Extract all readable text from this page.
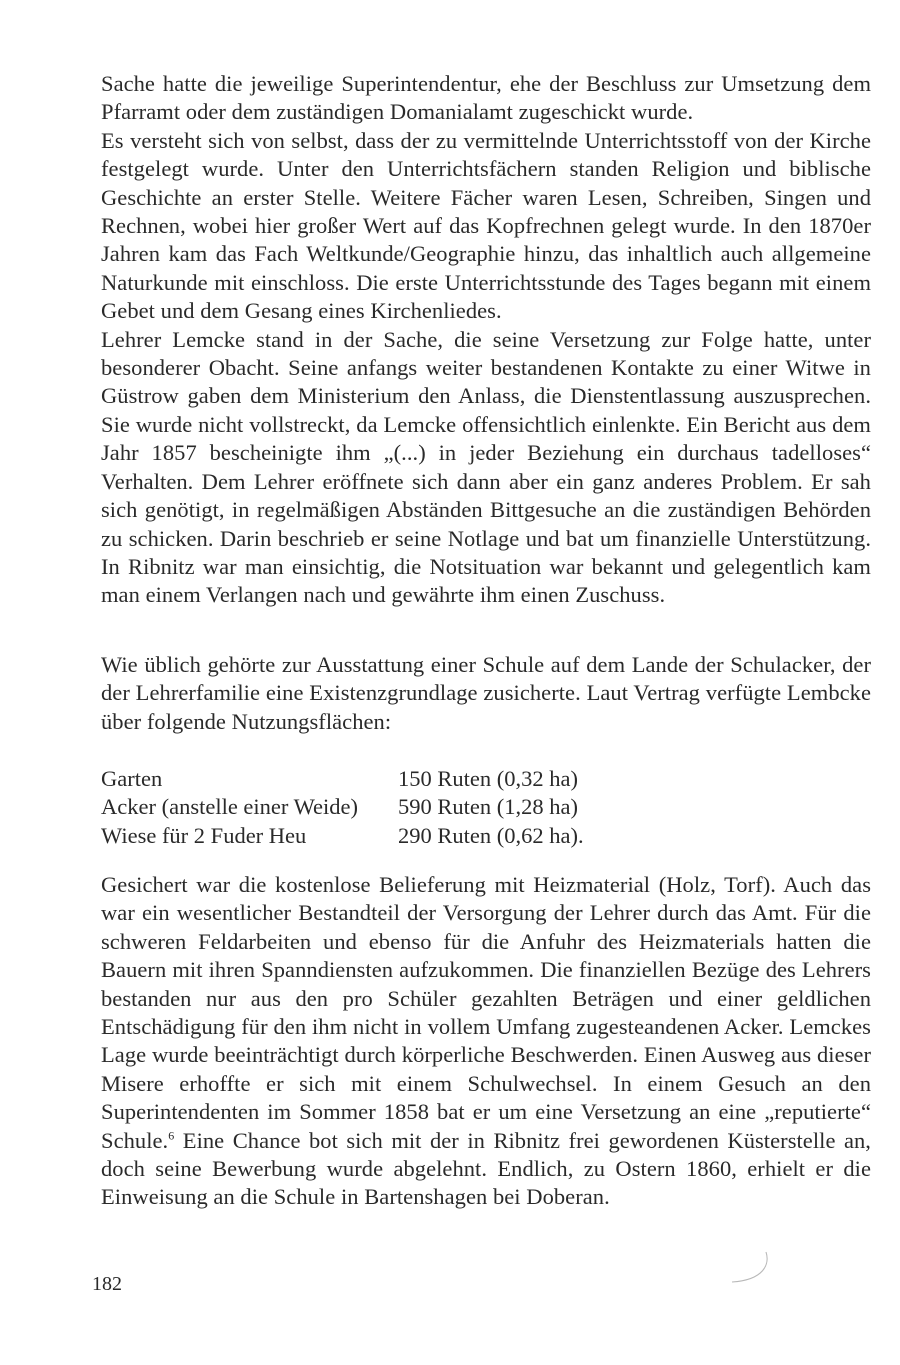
Sache hatte die jeweilige Superintendentur, ehe der Beschluss zur Umsetzung dem Pfarramt oder dem zuständigen Domanialamt zugeschickt wurde.

Es versteht sich von selbst, dass der zu vermittelnde Unterrichtsstoff von der Kirche festgelegt wurde. Unter den Unterrichtsfächern standen Religion und biblische Geschichte an erster Stelle. Weitere Fächer waren Lesen, Schreiben, Singen und Rechnen, wobei hier großer Wert auf das Kopfrechnen gelegt wurde. In den 1870er Jahren kam das Fach Weltkunde/Geographie hinzu, das inhaltlich auch allgemeine Naturkunde mit einschloss. Die erste Unterrichtsstunde des Tages begann mit einem Gebet und dem Gesang eines Kirchenliedes.

Lehrer Lemcke stand in der Sache, die seine Versetzung zur Folge hatte, unter besonderer Obacht. Seine anfangs weiter bestandenen Kontakte zu einer Witwe in Güstrow gaben dem Ministerium den Anlass, die Dienstentlassung auszusprechen. Sie wurde nicht vollstreckt, da Lemcke offensichtlich einlenkte. Ein Bericht aus dem Jahr 1857 bescheinigte ihm „(...) in jeder Beziehung ein durchaus tadelloses“ Verhalten. Dem Lehrer eröffnete sich dann aber ein ganz anderes Problem. Er sah sich genötigt, in regelmäßigen Abständen Bittgesuche an die zuständigen Behörden zu schicken. Darin beschrieb er seine Notlage und bat um finanzielle Unterstützung. In Ribnitz war man einsichtig, die Notsituation war bekannt und gelegentlich kam man einem Verlangen nach und gewährte ihm einen Zuschuss.

Wie üblich gehörte zur Ausstattung einer Schule auf dem Lande der Schulacker, der der Lehrerfamilie eine Existenzgrundlage zusicherte. Laut Vertrag verfügte Lembcke über folgende Nutzungsflächen:

Garten	150 Ruten (0,32 ha)
Acker (anstelle einer Weide)	590 Ruten (1,28 ha)
Wiese für 2 Fuder Heu	290 Ruten (0,62 ha).

Gesichert war die kostenlose Belieferung mit Heizmaterial (Holz, Torf). Auch das war ein wesentlicher Bestandteil der Versorgung der Lehrer durch das Amt. Für die schweren Feldarbeiten und ebenso für die Anfuhr des Heizmaterials hatten die Bauern mit ihren Spanndiensten aufzukommen. Die finanziellen Bezüge des Lehrers bestanden nur aus den pro Schüler gezahlten Beträgen und einer geldlichen Entschädigung für den ihm nicht in vollem Umfang zugesteandenen Acker. Lemckes Lage wurde beeinträchtigt durch körperliche Beschwerden. Einen Ausweg aus dieser Misere erhoffte er sich mit einem Schulwechsel. In einem Gesuch an den Superintendenten im Sommer 1858 bat er um eine Versetzung an eine „reputierte“ Schule.$^6$ Eine Chance bot sich mit der in Ribnitz frei gewordenen Küsterstelle an, doch seine Bewerbung wurde abgelehnt. Endlich, zu Ostern 1860, erhielt er die Einweisung an die Schule in Bartenshagen bei Doberan.

182
